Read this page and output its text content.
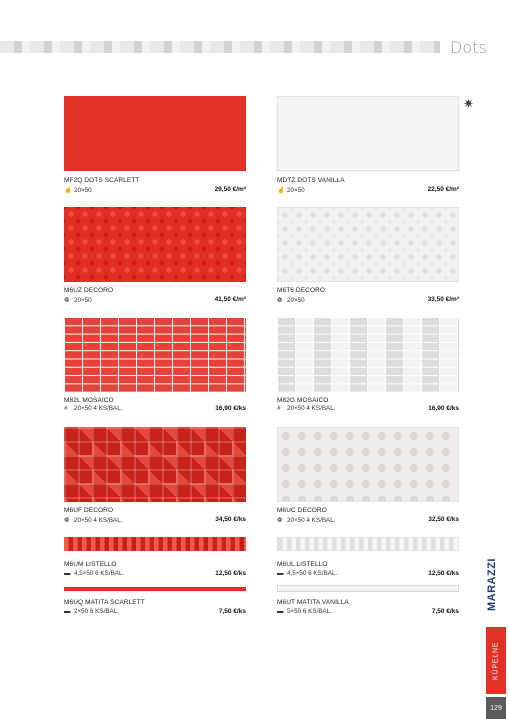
Dots
✷
MF2Q DOTS SCARLETT
☝ 20×50	29,50 €/m²
MDTZ DOTS VANILLA
☝ 20×50	22,50 €/m²
M6UZ DECORO
❁ 20×50	41,50 €/m²
M6T6 DECORO
❁ 20×50	33,50 €/m²
M82L MOSAICO
# 20×50 4 KS/BAL.	16,90 €/ks
M82G MOSAICO
# 20×50 4 KS/BAL.	16,90 €/ks
M6UF DECORO
❁ 20×50 4 KS/BAL.	34,50 €/ks
M6UC DECORO
❁ 20×50 4 KS/BAL.	32,50 €/ks
M6UM LISTELLO
▬ 4,5×50 6 KS/BAL.	12,50 €/ks
M6UL LISTELLO
▬ 4,5×50 6 KS/BAL.	12,50 €/ks
M6UQ MATITA SCARLETT
▬ 2×50 6 KS/BAL.	7,50 €/ks
M6UT MATITA VANILLA
▬ 5×50 6 KS/BAL.	7,50 €/ks MARAZZI
KÚPEĽNE
129
